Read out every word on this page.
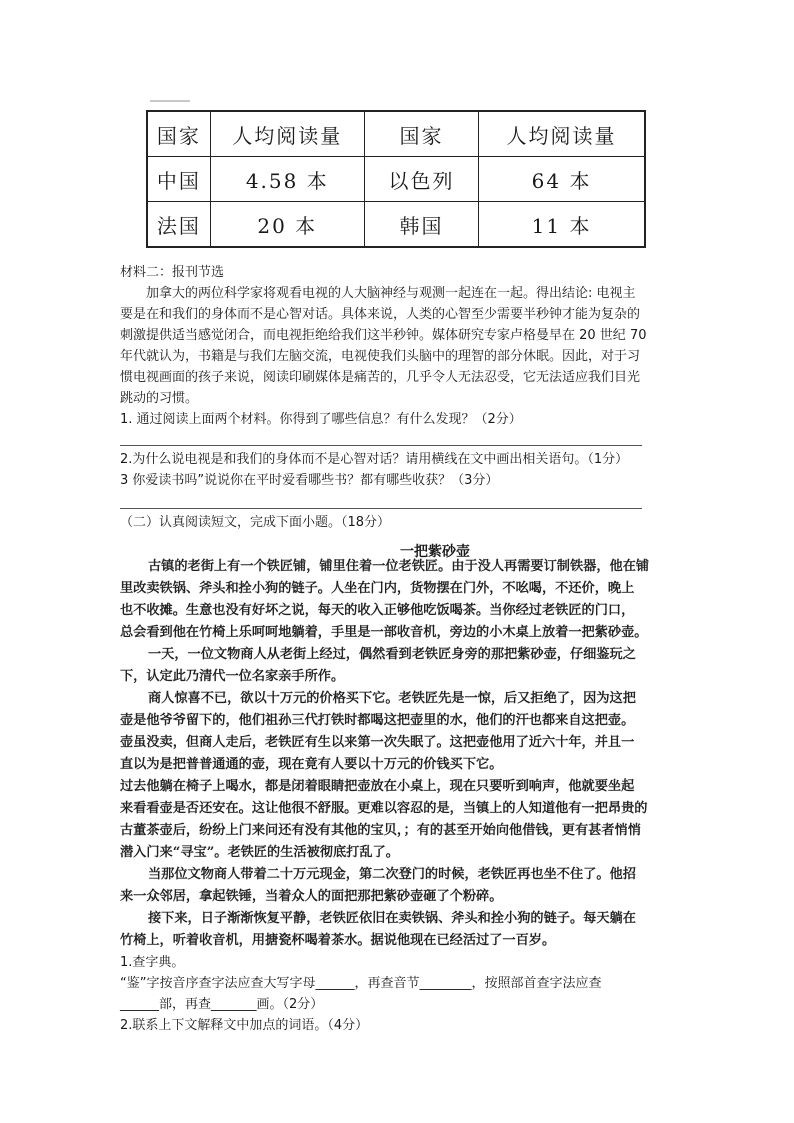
国家	人均阅读量	国家	人均阅读量
中国	4.58 本	以色列	64 本
法国	20 本	韩国	11 本
材料二：报刊节选
加拿大的两位科学家将观看电视的人大脑神经与观测一起连在一起。得出结论: 电视主
要是在和我们的身体而不是心智对话。具体来说，人类的心智至少需要半秒钟才能为复杂的
刺激提供适当感觉闭合，而电视拒绝给我们这半秒钟。媒体研究专家卢格曼早在 20 世纪 70
年代就认为，书籍是与我们左脑交流，电视使我们头脑中的理智的部分休眠。因此，对于习
惯电视画面的孩子来说，阅读印刷媒体是痛苦的，几乎令人无法忍受，它无法适应我们目光
跳动的习惯。
1. 通过阅读上面两个材料。你得到了哪些信息？有什么发现？（2分）
2.为什么说电视是和我们的身体而不是心智对话？请用横线在文中画出相关语句。（1分）
3 你爱读书吗”说说你在平时爱看哪些书？都有哪些收获？（3分）
（二）认真阅读短文，完成下面小题。（18分）
一把紫砂壶
古镇的老街上有一个铁匠铺，铺里住着一位老铁匠。由于没人再需要订制铁器，他在铺
里改卖铁锅、斧头和拴小狗的链子。人坐在门内，货物摆在门外，不吆喝，不还价，晚上
也不收摊。生意也没有好坏之说，每天的收入正够他吃饭喝茶。当你经过老铁匠的门口，
总会看到他在竹椅上乐呵呵地躺着，手里是一部收音机，旁边的小木桌上放着一把紫砂壶。
一天，一位文物商人从老街上经过，偶然看到老铁匠身旁的那把紫砂壶，仔细鉴玩之
下，认定此乃清代一位名家亲手所作。
商人惊喜不已，欲以十万元的价格买下它。老铁匠先是一惊，后又拒绝了，因为这把
壶是他爷爷留下的，他们祖孙三代打铁时都喝这把壶里的水，他们的汗也都来自这把壶。
壶虽没卖，但商人走后，老铁匠有生以来第一次失眠了。这把壶他用了近六十年，并且一
直以为是把普普通通的壶，现在竟有人要以十万元的价钱买下它。
过去他躺在椅子上喝水，都是闭着眼睛把壶放在小桌上，现在只要听到响声，他就要坐起
来看看壶是否还安在。这让他很不舒服。更难以容忍的是，当镇上的人知道他有一把昂贵的
古董茶壶后，纷纷上门来问还有没有其他的宝贝，；有的甚至开始向他借钱，更有甚者悄悄
潜入门来“寻宝”。老铁匠的生活被彻底打乱了。
当那位文物商人带着二十万元现金，第二次登门的时候，老铁匠再也坐不住了。他招
来一众邻居，拿起铁锤，当着众人的面把那把紫砂壶砸了个粉碎。
接下来，日子渐渐恢复平静，老铁匠依旧在卖铁锅、斧头和拴小狗的链子。每天躺在
竹椅上，听着收音机，用搪瓷杯喝着茶水。据说他现在已经活过了一百岁。
1.查字典。
“鉴”字按音序查字法应查大写字母______，再查音节________，按照部首查字法应查
______部，再查_______画。（2分）
2.联系上下文解释文中加点的词语。（4分）
